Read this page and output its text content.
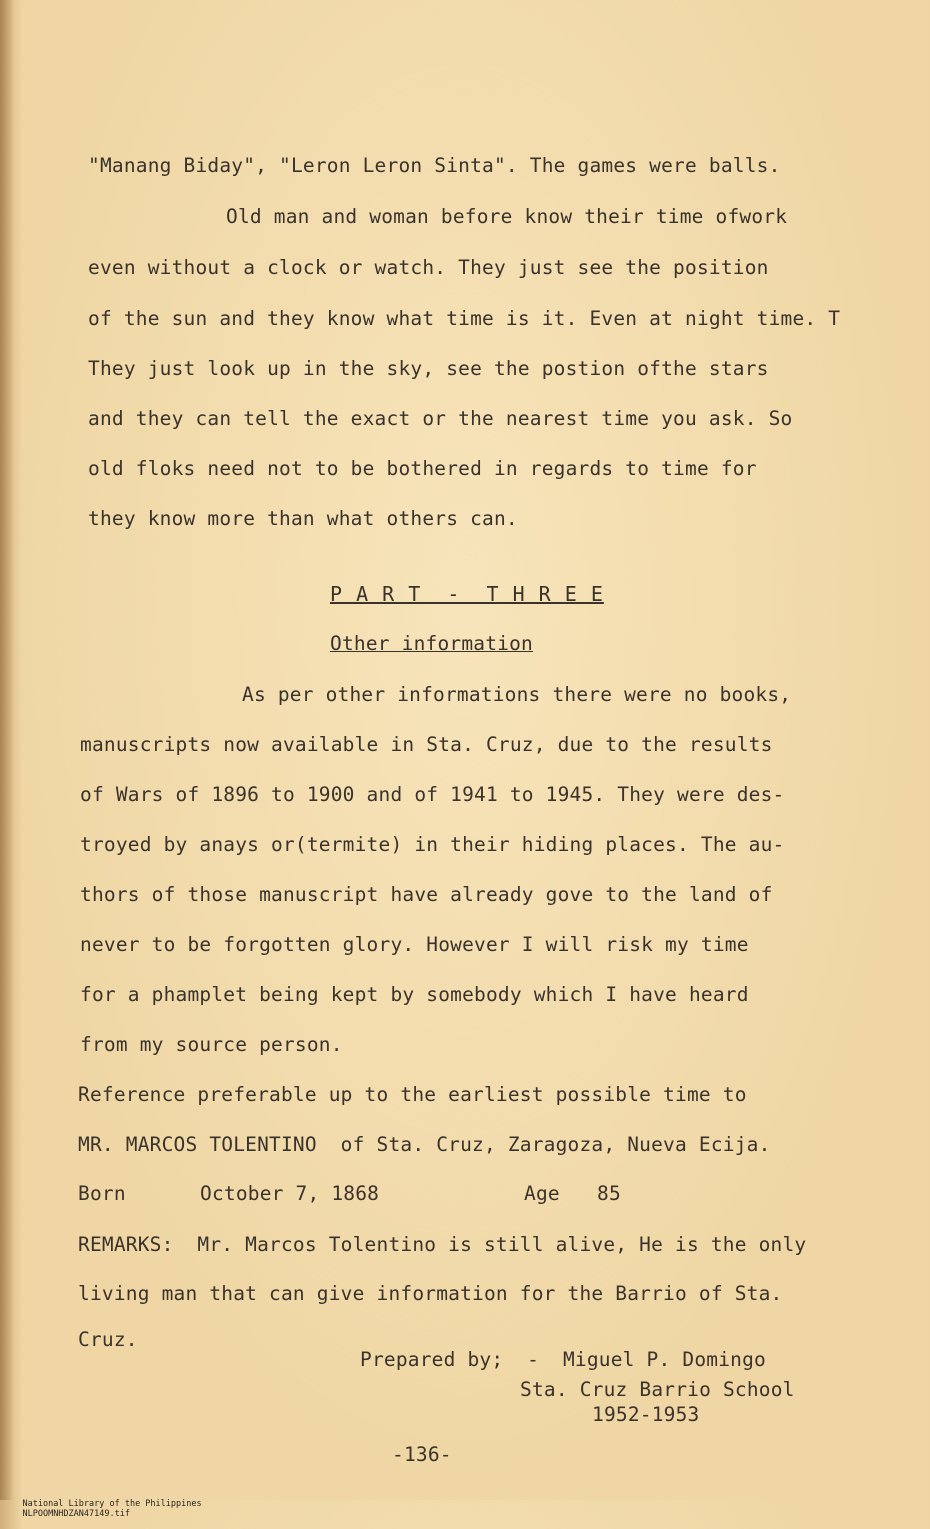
"Manang Biday", "Leron Leron Sinta". The games were balls.
Old man and woman before know their time ofwork
even without a clock or watch. They just see the position
of the sun and they know what time is it. Even at night time. T
They just look up in the sky, see the postion ofthe stars
and they can tell the exact or the nearest time you ask. So
old floks need not to be bothered in regards to time for
they know more than what others can.
P A R T  -  T H R E E
Other information
As per other informations there were no books,
manuscripts now available in Sta. Cruz, due to the results
of Wars of 1896 to 1900 and of 1941 to 1945. They were des-
troyed by anays or(termite) in their hiding places. The au-
thors of those manuscript have already gove to the land of
never to be forgotten glory. However I will risk my time
for a phamplet being kept by somebody which I have heard
from my source person.
Reference preferable up to the earliest possible time to
MR. MARCOS TOLENTINO  of Sta. Cruz, Zaragoza, Nueva Ecija.
Born	October 7, 1868	Age 85
REMARKS:  Mr. Marcos Tolentino is still alive, He is the only
living man that can give information for the Barrio of Sta.
Cruz.
Prepared by;  -  Miguel P. Domingo
Sta. Cruz Barrio School
1952-1953
-136-

National Library of the Philippines
NLPOOMNHDZAN47149.tif
